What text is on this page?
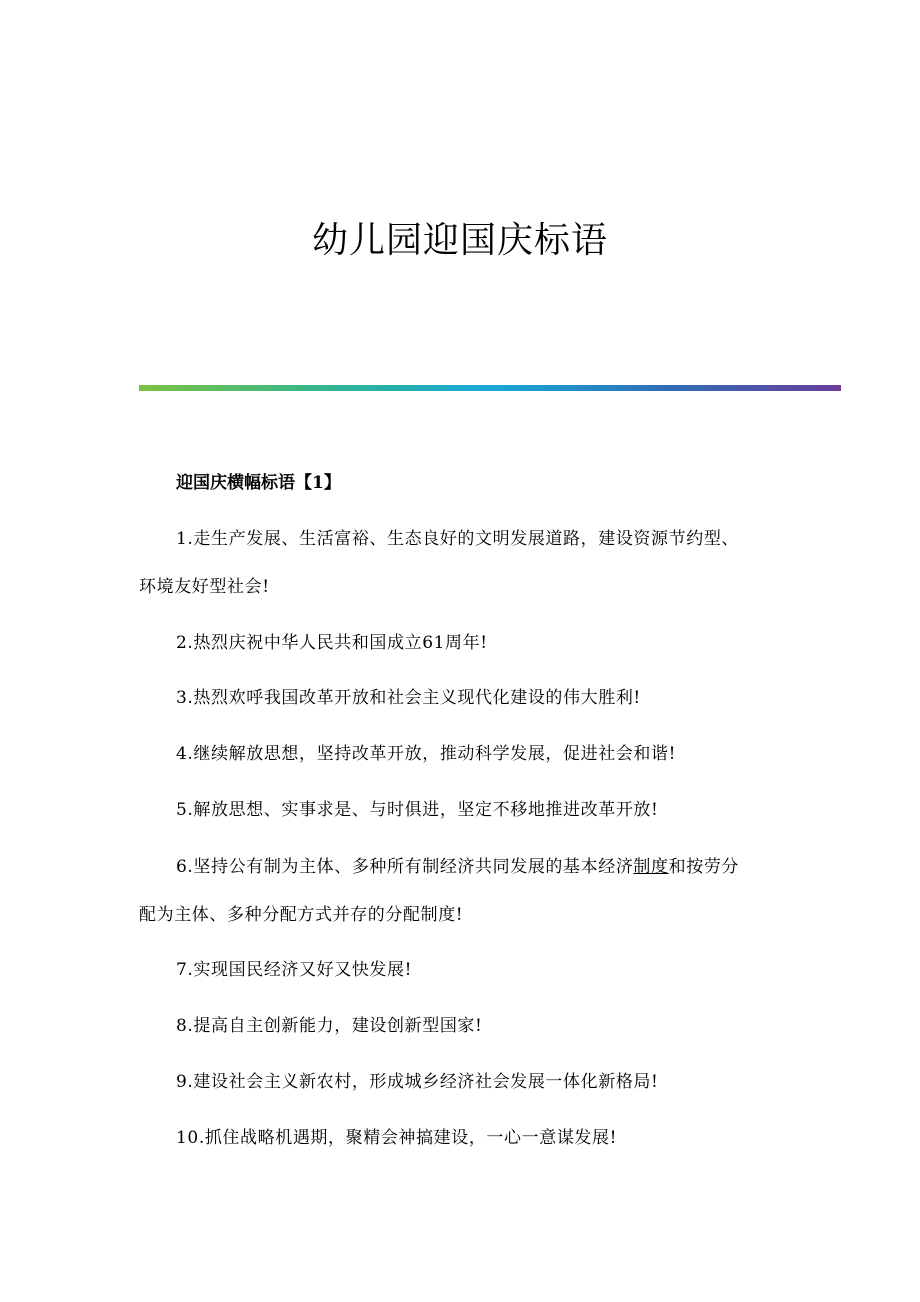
幼儿园迎国庆标语
迎国庆横幅标语【1】

1.走生产发展、生活富裕、生态良好的文明发展道路，建设资源节约型、
环境友好型社会!

2.热烈庆祝中华人民共和国成立61周年!

3.热烈欢呼我国改革开放和社会主义现代化建设的伟大胜利!

4.继续解放思想，坚持改革开放，推动科学发展，促进社会和谐!

5.解放思想、实事求是、与时俱进，坚定不移地推进改革开放!

6.坚持公有制为主体、多种所有制经济共同发展的基本经济制度和按劳分
配为主体、多种分配方式并存的分配制度!

7.实现国民经济又好又快发展!

8.提高自主创新能力，建设创新型国家!

9.建设社会主义新农村，形成城乡经济社会发展一体化新格局!

10.抓住战略机遇期，聚精会神搞建设，一心一意谋发展!
